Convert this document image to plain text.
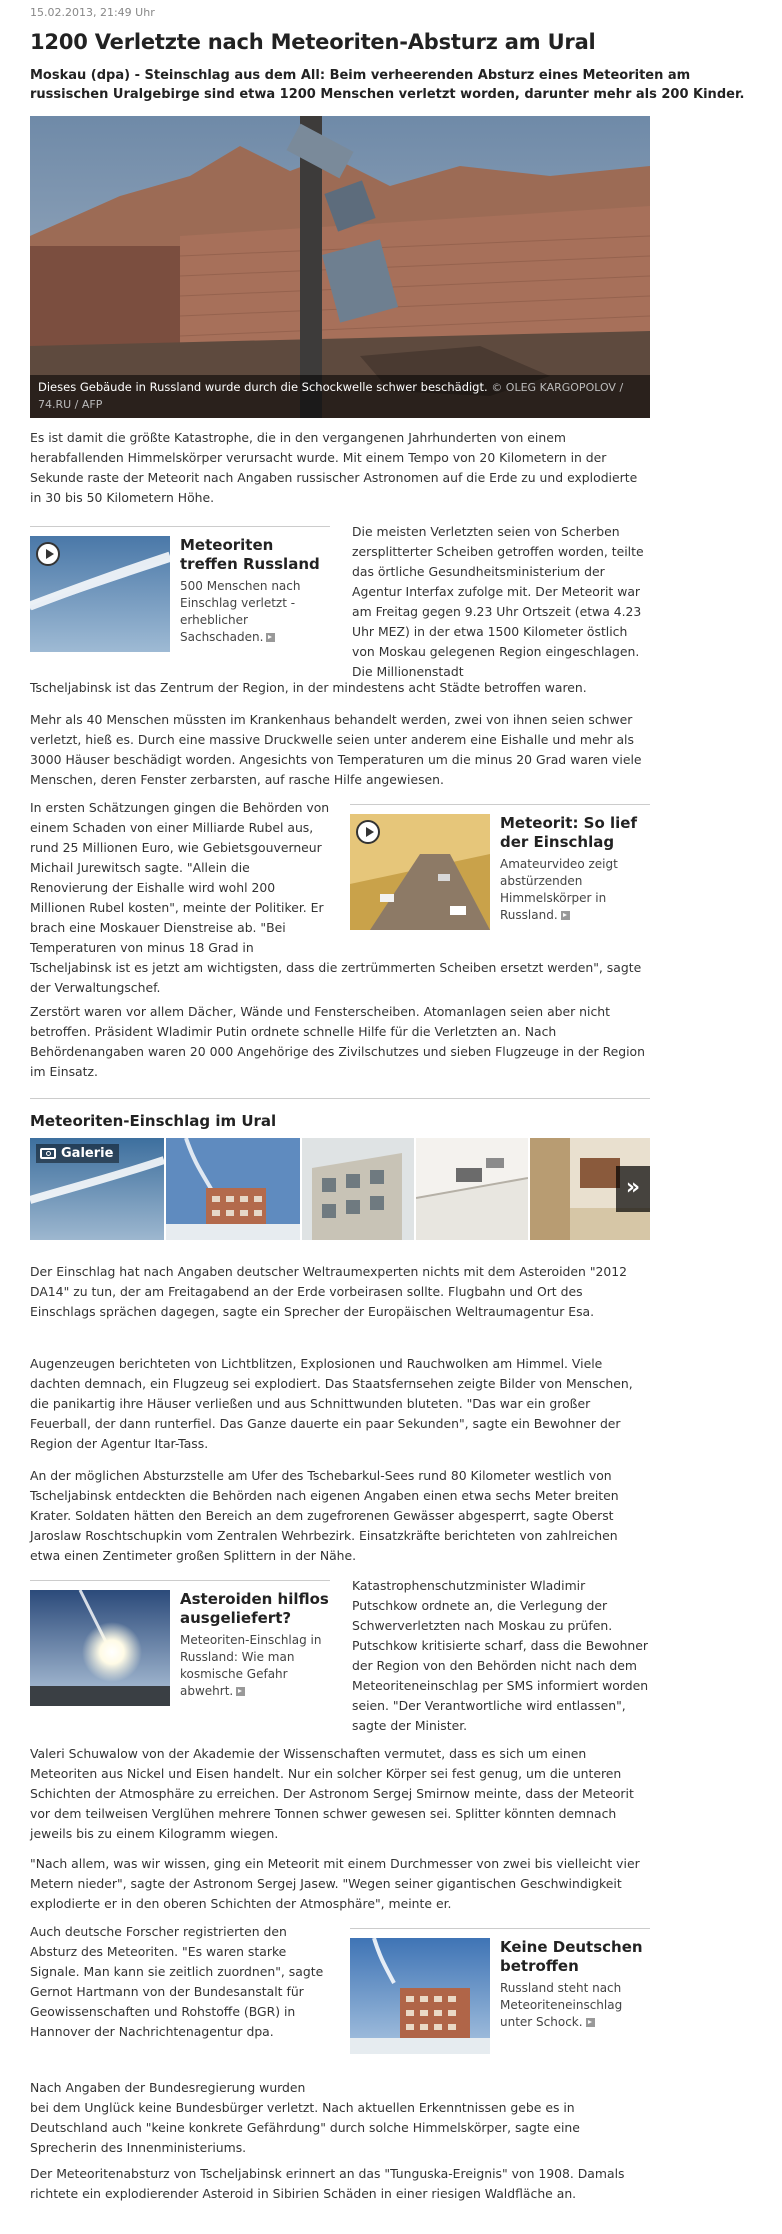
15.02.2013, 21:49 Uhr
1200 Verletzte nach Meteoriten-Absturz am Ural
Moskau (dpa) - Steinschlag aus dem All: Beim verheerenden Absturz eines Meteoriten am russischen Uralgebirge sind etwa 1200 Menschen verletzt worden, darunter mehr als 200 Kinder.
Dieses Gebäude in Russland wurde durch die Schockwelle schwer beschädigt. © OLEG KARGOPOLOV / 74.RU / AFP

Es ist damit die größte Katastrophe, die in den vergangenen Jahrhunderten von einem herabfallenden Himmelskörper verursacht wurde. Mit einem Tempo von 20 Kilometern in der Sekunde raste der Meteorit nach Angaben russischer Astronomen auf die Erde zu und explodierte in 30 bis 50 Kilometern Höhe.

Meteoriten treffen Russland
500 Menschen nach Einschlag verletzt - erheblicher Sachschaden.

Die meisten Verletzten seien von Scherben zersplitterter Scheiben getroffen worden, teilte das örtliche Gesundheitsministerium der Agentur Interfax zufolge mit. Der Meteorit war am Freitag gegen 9.23 Uhr Ortszeit (etwa 4.23 Uhr MEZ) in der etwa 1500 Kilometer östlich von Moskau gelegenen Region eingeschlagen. Die Millionenstadt

Tscheljabinsk ist das Zentrum der Region, in der mindestens acht Städte betroffen waren.

Mehr als 40 Menschen müssten im Krankenhaus behandelt werden, zwei von ihnen seien schwer verletzt, hieß es. Durch eine massive Druckwelle seien unter anderem eine Eishalle und mehr als 3000 Häuser beschädigt worden. Angesichts von Temperaturen um die minus 20 Grad waren viele Menschen, deren Fenster zerbarsten, auf rasche Hilfe angewiesen.

In ersten Schätzungen gingen die Behörden von einem Schaden von einer Milliarde Rubel aus, rund 25 Millionen Euro, wie Gebietsgouverneur Michail Jurewitsch sagte. "Allein die Renovierung der Eishalle wird wohl 200 Millionen Rubel kosten", meinte der Politiker. Er brach eine Moskauer Dienstreise ab. "Bei Temperaturen von minus 18 Grad in

Tscheljabinsk ist es jetzt am wichtigsten, dass die zertrümmerten Scheiben ersetzt werden", sagte der Verwaltungschef.

Meteorit: So lief der Einschlag
Amateurvideo zeigt abstürzenden Himmelskörper in Russland.

Zerstört waren vor allem Dächer, Wände und Fensterscheiben. Atomanlagen seien aber nicht betroffen. Präsident Wladimir Putin ordnete schnelle Hilfe für die Verletzten an. Nach Behördenangaben waren 20 000 Angehörige des Zivilschutzes und sieben Flugzeuge in der Region im Einsatz.

Meteoriten-Einschlag im Ural
Galerie
»

Der Einschlag hat nach Angaben deutscher Weltraumexperten nichts mit dem Asteroiden "2012 DA14" zu tun, der am Freitagabend an der Erde vorbeirasen sollte. Flugbahn und Ort des Einschlags sprächen dagegen, sagte ein Sprecher der Europäischen Weltraumagentur Esa.

Augenzeugen berichteten von Lichtblitzen, Explosionen und Rauchwolken am Himmel. Viele dachten demnach, ein Flugzeug sei explodiert. Das Staatsfernsehen zeigte Bilder von Menschen, die panikartig ihre Häuser verließen und aus Schnittwunden bluteten. "Das war ein großer Feuerball, der dann runterfiel. Das Ganze dauerte ein paar Sekunden", sagte ein Bewohner der Region der Agentur Itar-Tass.

An der möglichen Absturzstelle am Ufer des Tschebarkul-Sees rund 80 Kilometer westlich von Tscheljabinsk entdeckten die Behörden nach eigenen Angaben einen etwa sechs Meter breiten Krater. Soldaten hätten den Bereich an dem zugefrorenen Gewässer abgesperrt, sagte Oberst Jaroslaw Roschtschupkin vom Zentralen Wehrbezirk. Einsatzkräfte berichteten von zahlreichen etwa einen Zentimeter großen Splittern in der Nähe.

Asteroiden hilflos ausgeliefert?
Meteoriten-Einschlag in Russland: Wie man kosmische Gefahr abwehrt.

Katastrophenschutzminister Wladimir Putschkow ordnete an, die Verlegung der Schwerverletzten nach Moskau zu prüfen. Putschkow kritisierte scharf, dass die Bewohner der Region von den Behörden nicht nach dem Meteoriteneinschlag per SMS informiert worden seien. "Der Verantwortliche wird entlassen", sagte der Minister.

Valeri Schuwalow von der Akademie der Wissenschaften vermutet, dass es sich um einen Meteoriten aus Nickel und Eisen handelt. Nur ein solcher Körper sei fest genug, um die unteren Schichten der Atmosphäre zu erreichen. Der Astronom Sergej Smirnow meinte, dass der Meteorit vor dem teilweisen Verglühen mehrere Tonnen schwer gewesen sei. Splitter könnten demnach jeweils bis zu einem Kilogramm wiegen.

"Nach allem, was wir wissen, ging ein Meteorit mit einem Durchmesser von zwei bis vielleicht vier Metern nieder", sagte der Astronom Sergej Jasew. "Wegen seiner gigantischen Geschwindigkeit explodierte er in den oberen Schichten der Atmosphäre", meinte er.

Auch deutsche Forscher registrierten den Absturz des Meteoriten. "Es waren starke Signale. Man kann sie zeitlich zuordnen", sagte Gernot Hartmann von der Bundesanstalt für Geowissenschaften und Rohstoffe (BGR) in Hannover der Nachrichtenagentur dpa.

Keine Deutschen betroffen
Russland steht nach Meteoriteneinschlag unter Schock.

Nach Angaben der Bundesregierung wurden

bei dem Unglück keine Bundesbürger verletzt. Nach aktuellen Erkenntnissen gebe es in Deutschland auch "keine konkrete Gefährdung" durch solche Himmelskörper, sagte eine Sprecherin des Innenministeriums.

Der Meteoritenabsturz von Tscheljabinsk erinnert an das "Tunguska-Ereignis" von 1908. Damals richtete ein explodierender Asteroid in Sibirien Schäden in einer riesigen Waldfläche an.
